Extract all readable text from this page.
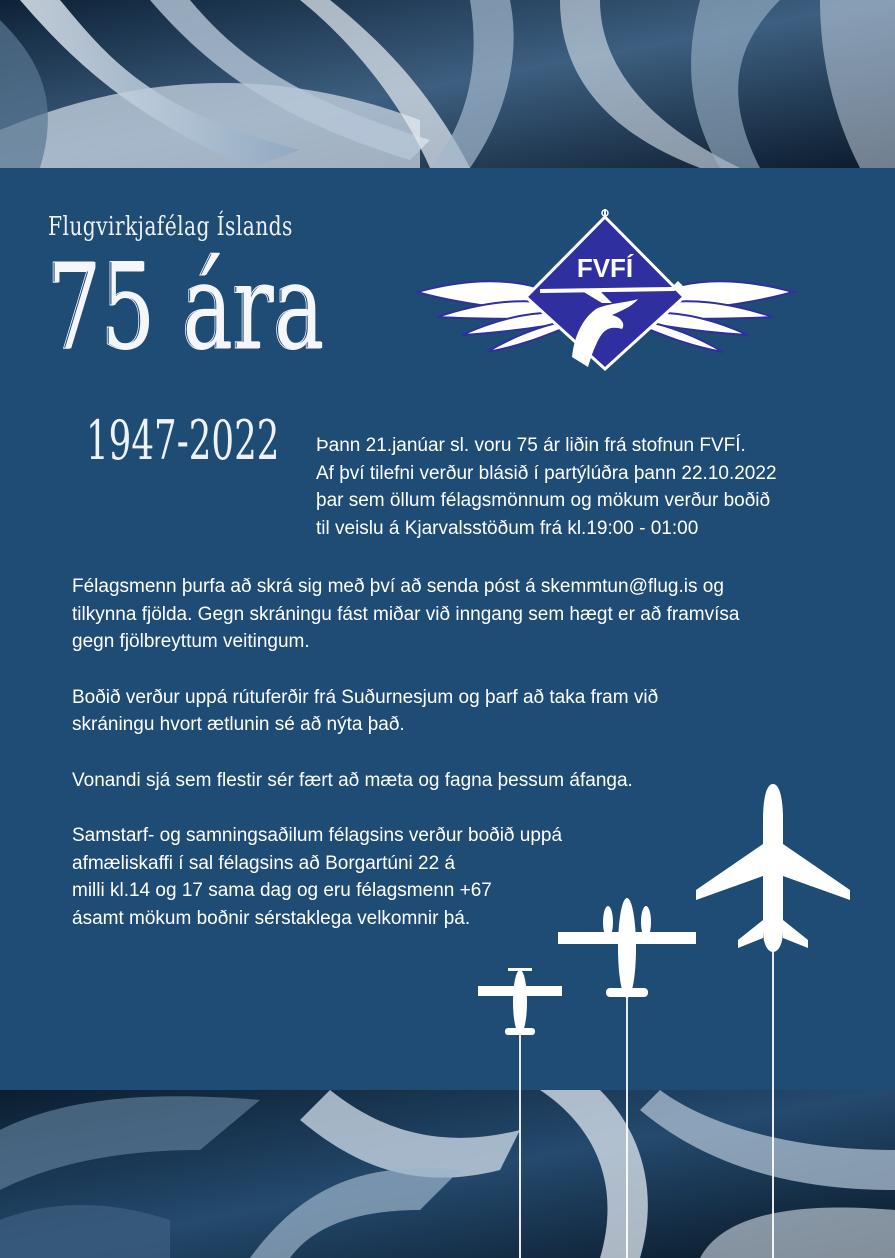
Flugvirkjafélag Íslands
75 ára
1947-2022
FVFÍ

Þann 21.janúar sl. voru 75 ár liðin frá stofnun FVFÍ.

Af því tilefni verður blásið í partýlúðra þann 22.10.2022

þar sem öllum félagsmönnum og mökum verður boðið

til veislu á Kjarvalsstöðum frá kl.19:00 - 01:00

Félagsmenn þurfa að skrá sig með því að senda póst á skemmtun@flug.is og

tilkynna fjölda. Gegn skráningu fást miðar við inngang sem hægt er að framvísa

gegn fjölbreyttum veitingum.

Boðið verður uppá rútuferðir frá Suðurnesjum og þarf að taka fram við

skráningu hvort ætlunin sé að nýta það.

Vonandi sjá sem flestir sér fært að mæta og fagna þessum áfanga.

Samstarf- og samningsaðilum félagsins verður boðið uppá

afmæliskaffi í sal félagsins að Borgartúni 22 á

milli kl.14 og 17 sama dag og eru félagsmenn +67

ásamt mökum boðnir sérstaklega velkomnir þá.
